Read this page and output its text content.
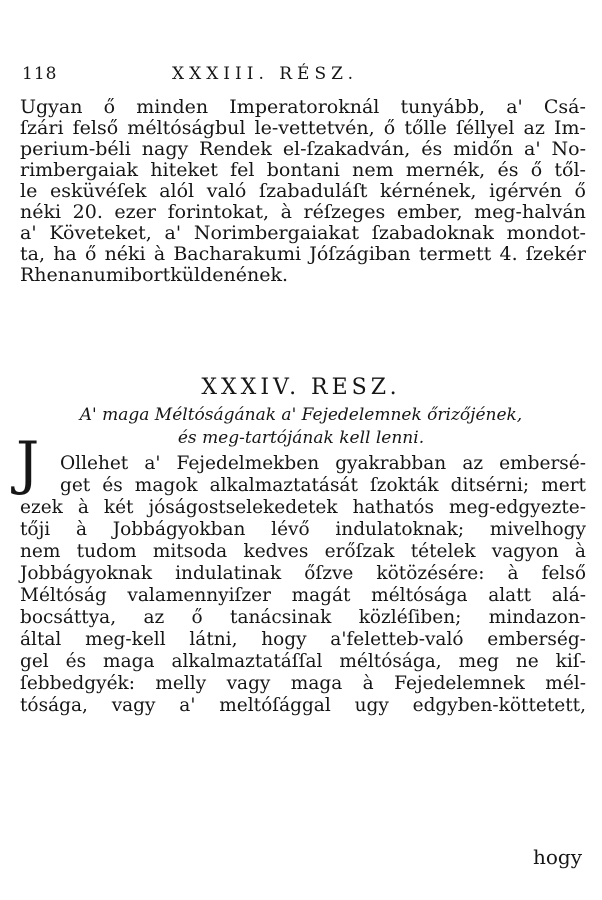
118	XXXIII. RÉSZ.
Ugyan ő minden Imperatoroknál tunyább, a' Csá-
ſzári felső méltóságbul le-vettetvén, ő tőlle ſéllyel az Im-
perium-béli nagy Rendek el-ſzakadván, és midőn a' No-
rimbergaiak hiteket fel bontani nem mernék, és ő től-
le esküvéſek alól való ſzabaduláſt kérnének, igérvén ő
néki 20. ezer forintokat, à réſzeges ember, meg-halván
a' Követeket, a' Norimbergaiakat ſzabadoknak mondot-
ta, ha ő néki à Bacharakumi Jóſzágiban termett 4. ſzekér
Rhenanumi bort küldenének.
XXXIV. RESZ.
A' maga Méltóságának a' Fejedelemnek őrizőjének,
és meg-tartójának kell lenni.
J Ollehet a' Fejedelmekben gyakrabban az embersé-
get és magok alkalmaztatását ſzokták ditsérni; mert
ezek à két jóságostselekedetek hathatós meg-edgyezte-
tőji à Jobbágyokban lévő indulatoknak; mivelhogy
nem tudom mitsoda kedves erőſzak tételek vagyon à
Jobbágyoknak indulatinak őſzve kötözésére: à felső
Méltóság valamennyiſzer magát méltósága alatt alá-
bocsáttya, az ő tanácsinak közléſiben; mindazon-
által meg-kell látni, hogy a'feletteb-való emberség-
gel és maga alkalmaztatáſſal méltósága, meg ne kiſ-
ſebbedgyék: melly vagy maga à Fejedelemnek mél-
tósága, vagy a' meltóſággal ugy edgyben-köttetett,
hogy
